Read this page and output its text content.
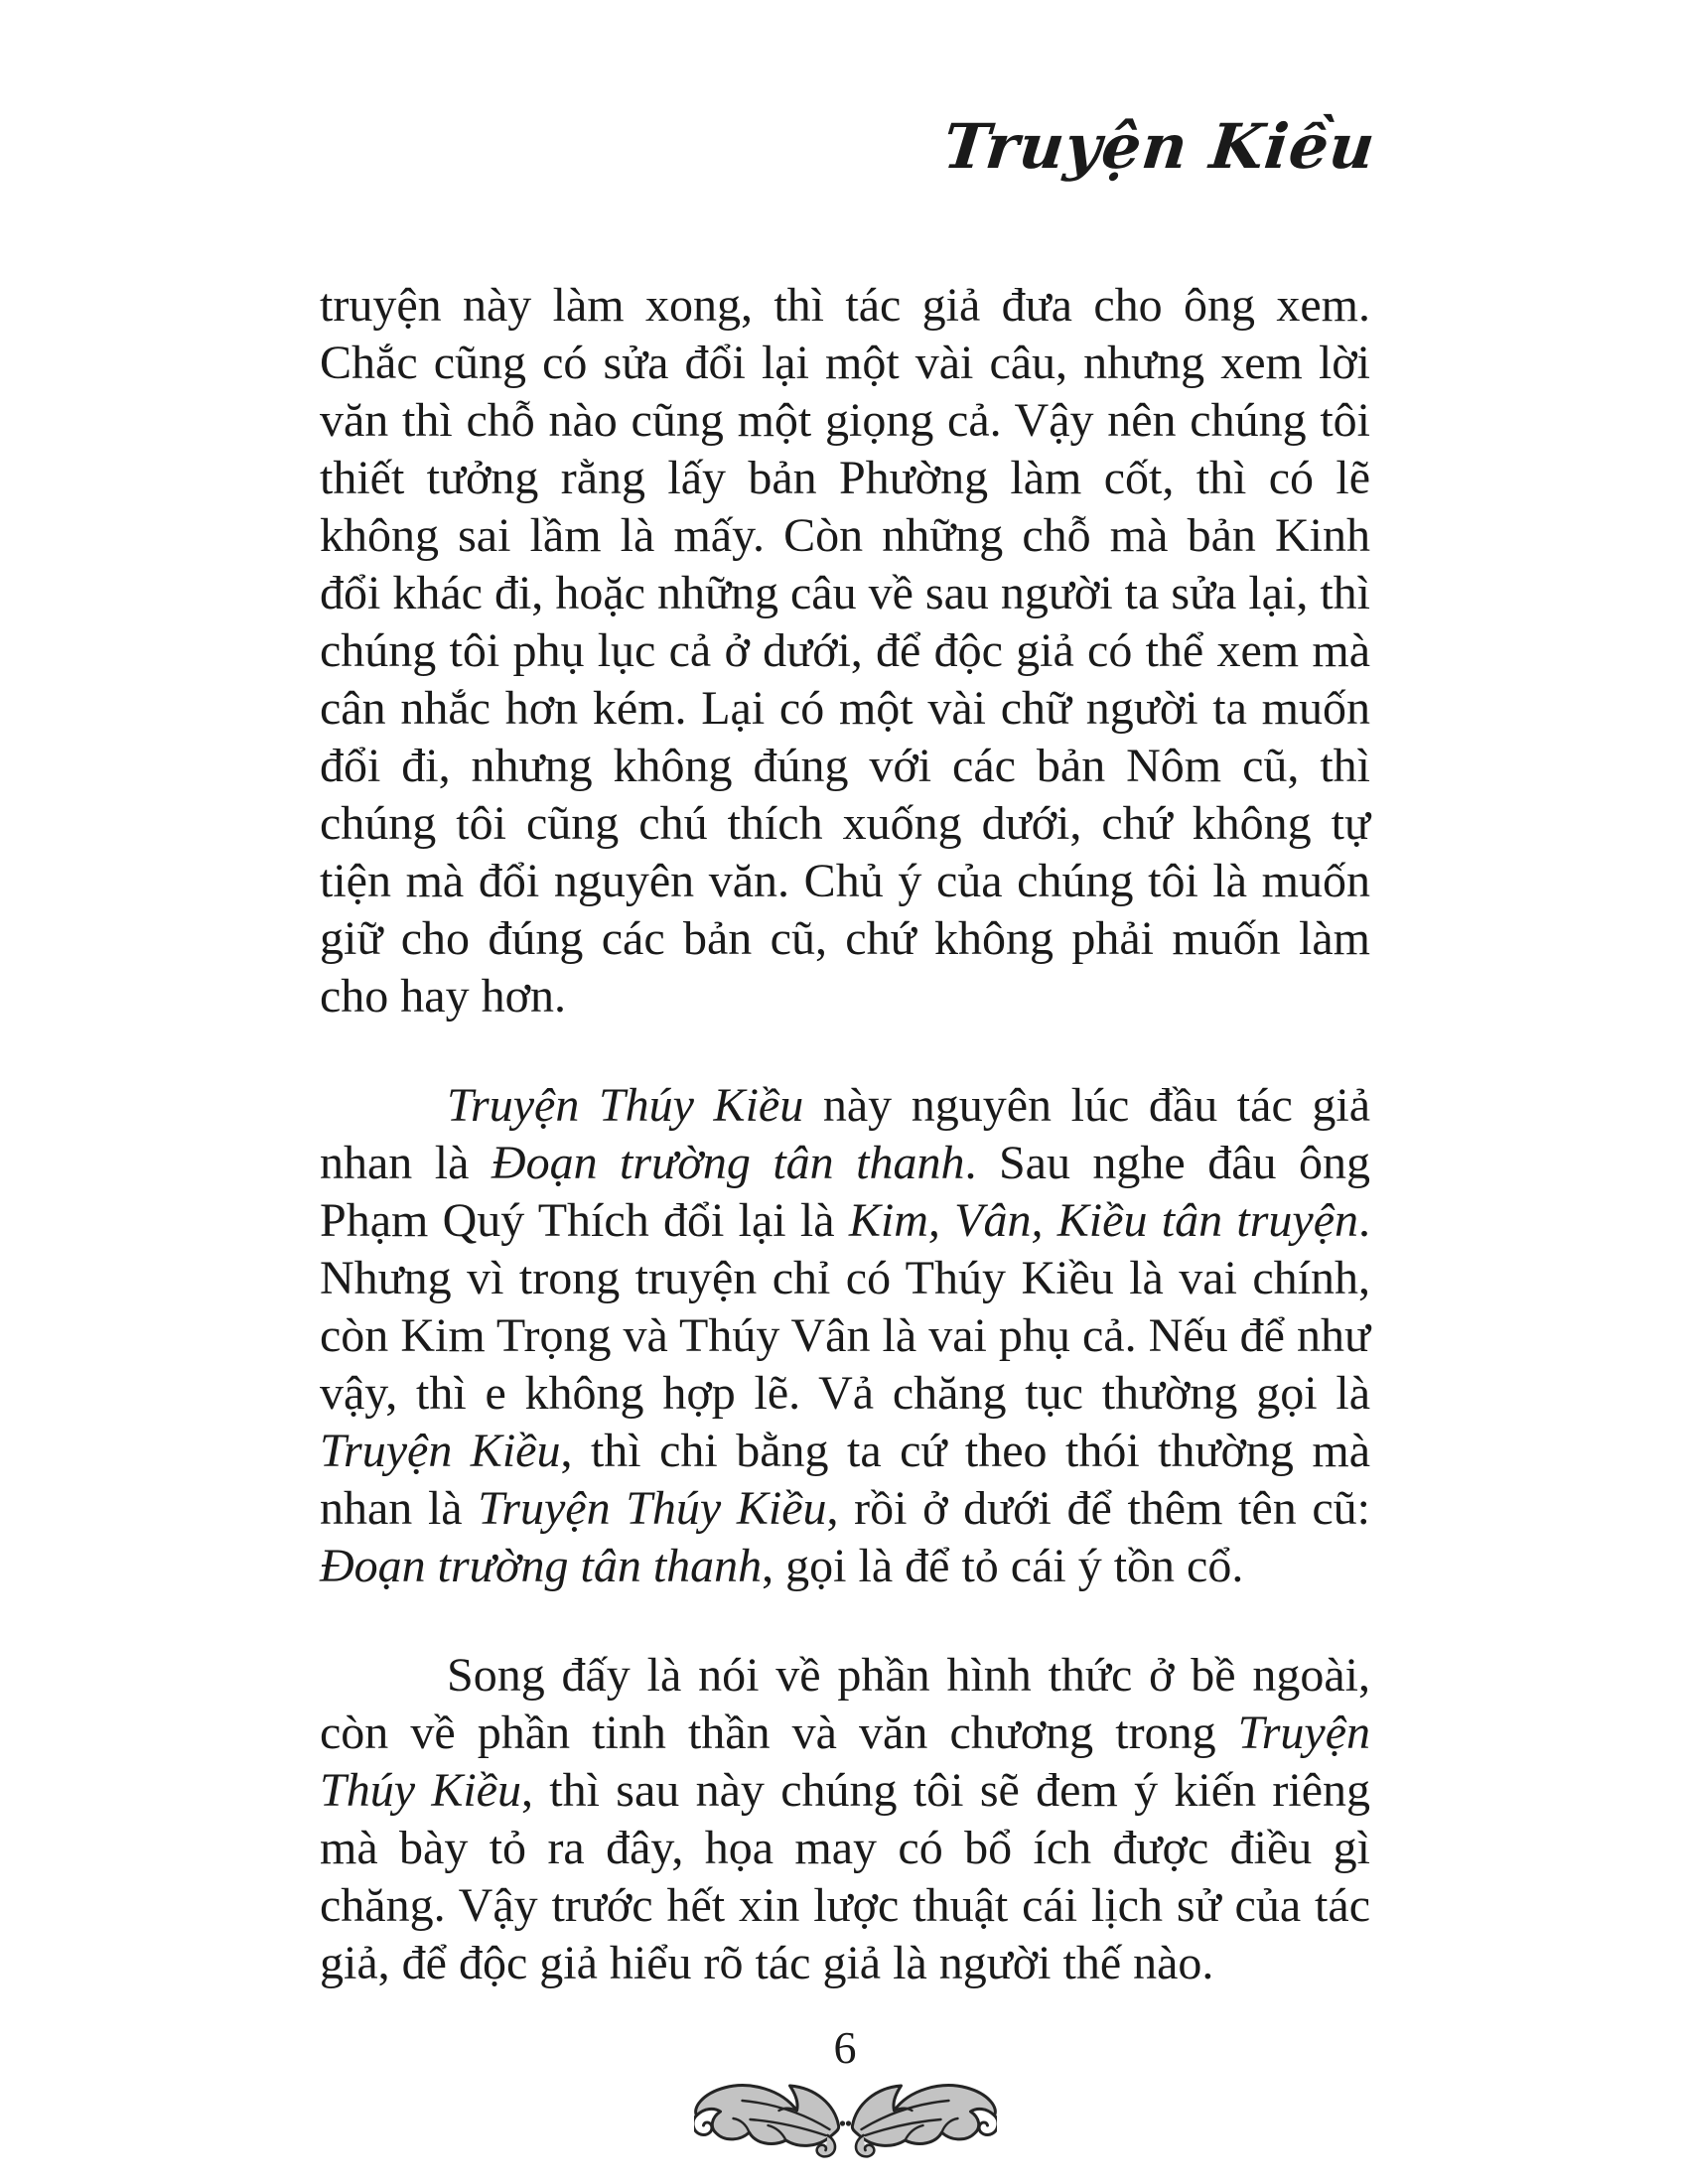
Truyện Kiều

truyện này làm xong, thì tác giả đưa cho ông xem. Chắc cũng có sửa đổi lại một vài câu, nhưng xem lời văn thì chỗ nào cũng một giọng cả. Vậy nên chúng tôi thiết tưởng rằng lấy bản Phường làm cốt, thì có lẽ không sai lầm là mấy. Còn những chỗ mà bản Kinh đổi khác đi, hoặc những câu về sau người ta sửa lại, thì chúng tôi phụ lục cả ở dưới, để độc giả có thể xem mà cân nhắc hơn kém. Lại có một vài chữ người ta muốn đổi đi, nhưng không đúng với các bản Nôm cũ, thì chúng tôi cũng chú thích xuống dưới, chứ không tự tiện mà đổi nguyên văn. Chủ ý của chúng tôi là muốn giữ cho đúng các bản cũ, chứ không phải muốn làm cho hay hơn.

Truyện Thúy Kiều này nguyên lúc đầu tác giả nhan là Đoạn trường tân thanh. Sau nghe đâu ông Phạm Quý Thích đổi lại là Kim, Vân, Kiều tân truyện. Nhưng vì trong truyện chỉ có Thúy Kiều là vai chính, còn Kim Trọng và Thúy Vân là vai phụ cả. Nếu để như vậy, thì e không hợp lẽ. Vả chăng tục thường gọi là Truyện Kiều, thì chi bằng ta cứ theo thói thường mà nhan là Truyện Thúy Kiều, rồi ở dưới để thêm tên cũ: Đoạn trường tân thanh, gọi là để tỏ cái ý tồn cổ.

Song đấy là nói về phần hình thức ở bề ngoài, còn về phần tinh thần và văn chương trong Truyện Thúy Kiều, thì sau này chúng tôi sẽ đem ý kiến riêng mà bày tỏ ra đây, họa may có bổ ích được điều gì chăng. Vậy trước hết xin lược thuật cái lịch sử của tác giả, để độc giả hiểu rõ tác giả là người thế nào.

6
